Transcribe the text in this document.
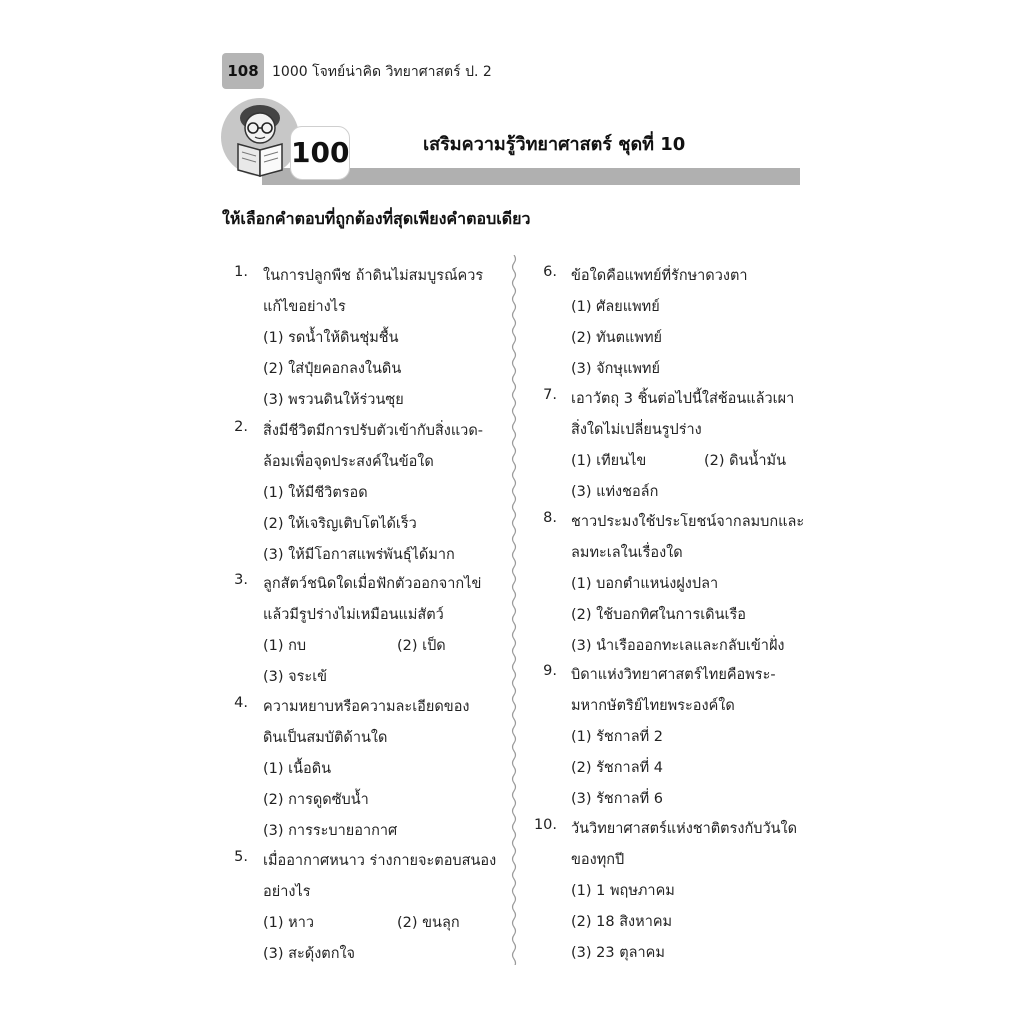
108 1000 โจทย์น่าคิด วิทยาศาสตร์ ป. 2
100	เสริมความรู้วิทยาศาสตร์ ชุดที่ 10
ให้เลือกคำตอบที่ถูกต้องที่สุดเพียงคำตอบเดียว
1. ในการปลูกพืช ถ้าดินไม่สมบูรณ์ควร
แก้ไขอย่างไร
(1) รดน้ำให้ดินชุ่มชื้น
(2) ใส่ปุ๋ยคอกลงในดิน
(3) พรวนดินให้ร่วนซุย
2. สิ่งมีชีวิตมีการปรับตัวเข้ากับสิ่งแวด-
ล้อมเพื่อจุดประสงค์ในข้อใด
(1) ให้มีชีวิตรอด
(2) ให้เจริญเติบโตได้เร็ว
(3) ให้มีโอกาสแพร่พันธุ์ได้มาก
3. ลูกสัตว์ชนิดใดเมื่อฟักตัวออกจากไข่
แล้วมีรูปร่างไม่เหมือนแม่สัตว์
(1) กบ	(2) เป็ด
(3) จระเข้
4. ความหยาบหรือความละเอียดของ
ดินเป็นสมบัติด้านใด
(1) เนื้อดิน
(2) การดูดซับน้ำ
(3) การระบายอากาศ
5. เมื่ออากาศหนาว ร่างกายจะตอบสนอง
อย่างไร
(1) หาว	(2) ขนลุก
(3) สะดุ้งตกใจ
6. ข้อใดคือแพทย์ที่รักษาดวงตา
(1) ศัลยแพทย์
(2) ทันตแพทย์
(3) จักษุแพทย์
7. เอาวัตถุ 3 ชิ้นต่อไปนี้ใส่ช้อนแล้วเผา
สิ่งใดไม่เปลี่ยนรูปร่าง
(1) เทียนไข	(2) ดินน้ำมัน
(3) แท่งชอล์ก
8. ชาวประมงใช้ประโยชน์จากลมบกและ
ลมทะเลในเรื่องใด
(1) บอกตำแหน่งฝูงปลา
(2) ใช้บอกทิศในการเดินเรือ
(3) นำเรือออกทะเลและกลับเข้าฝั่ง
9. บิดาแห่งวิทยาศาสตร์ไทยคือพระ-
มหากษัตริย์ไทยพระองค์ใด
(1) รัชกาลที่ 2
(2) รัชกาลที่ 4
(3) รัชกาลที่ 6
10. วันวิทยาศาสตร์แห่งชาติตรงกับวันใด
ของทุกปี
(1) 1 พฤษภาคม
(2) 18 สิงหาคม
(3) 23 ตุลาคม
